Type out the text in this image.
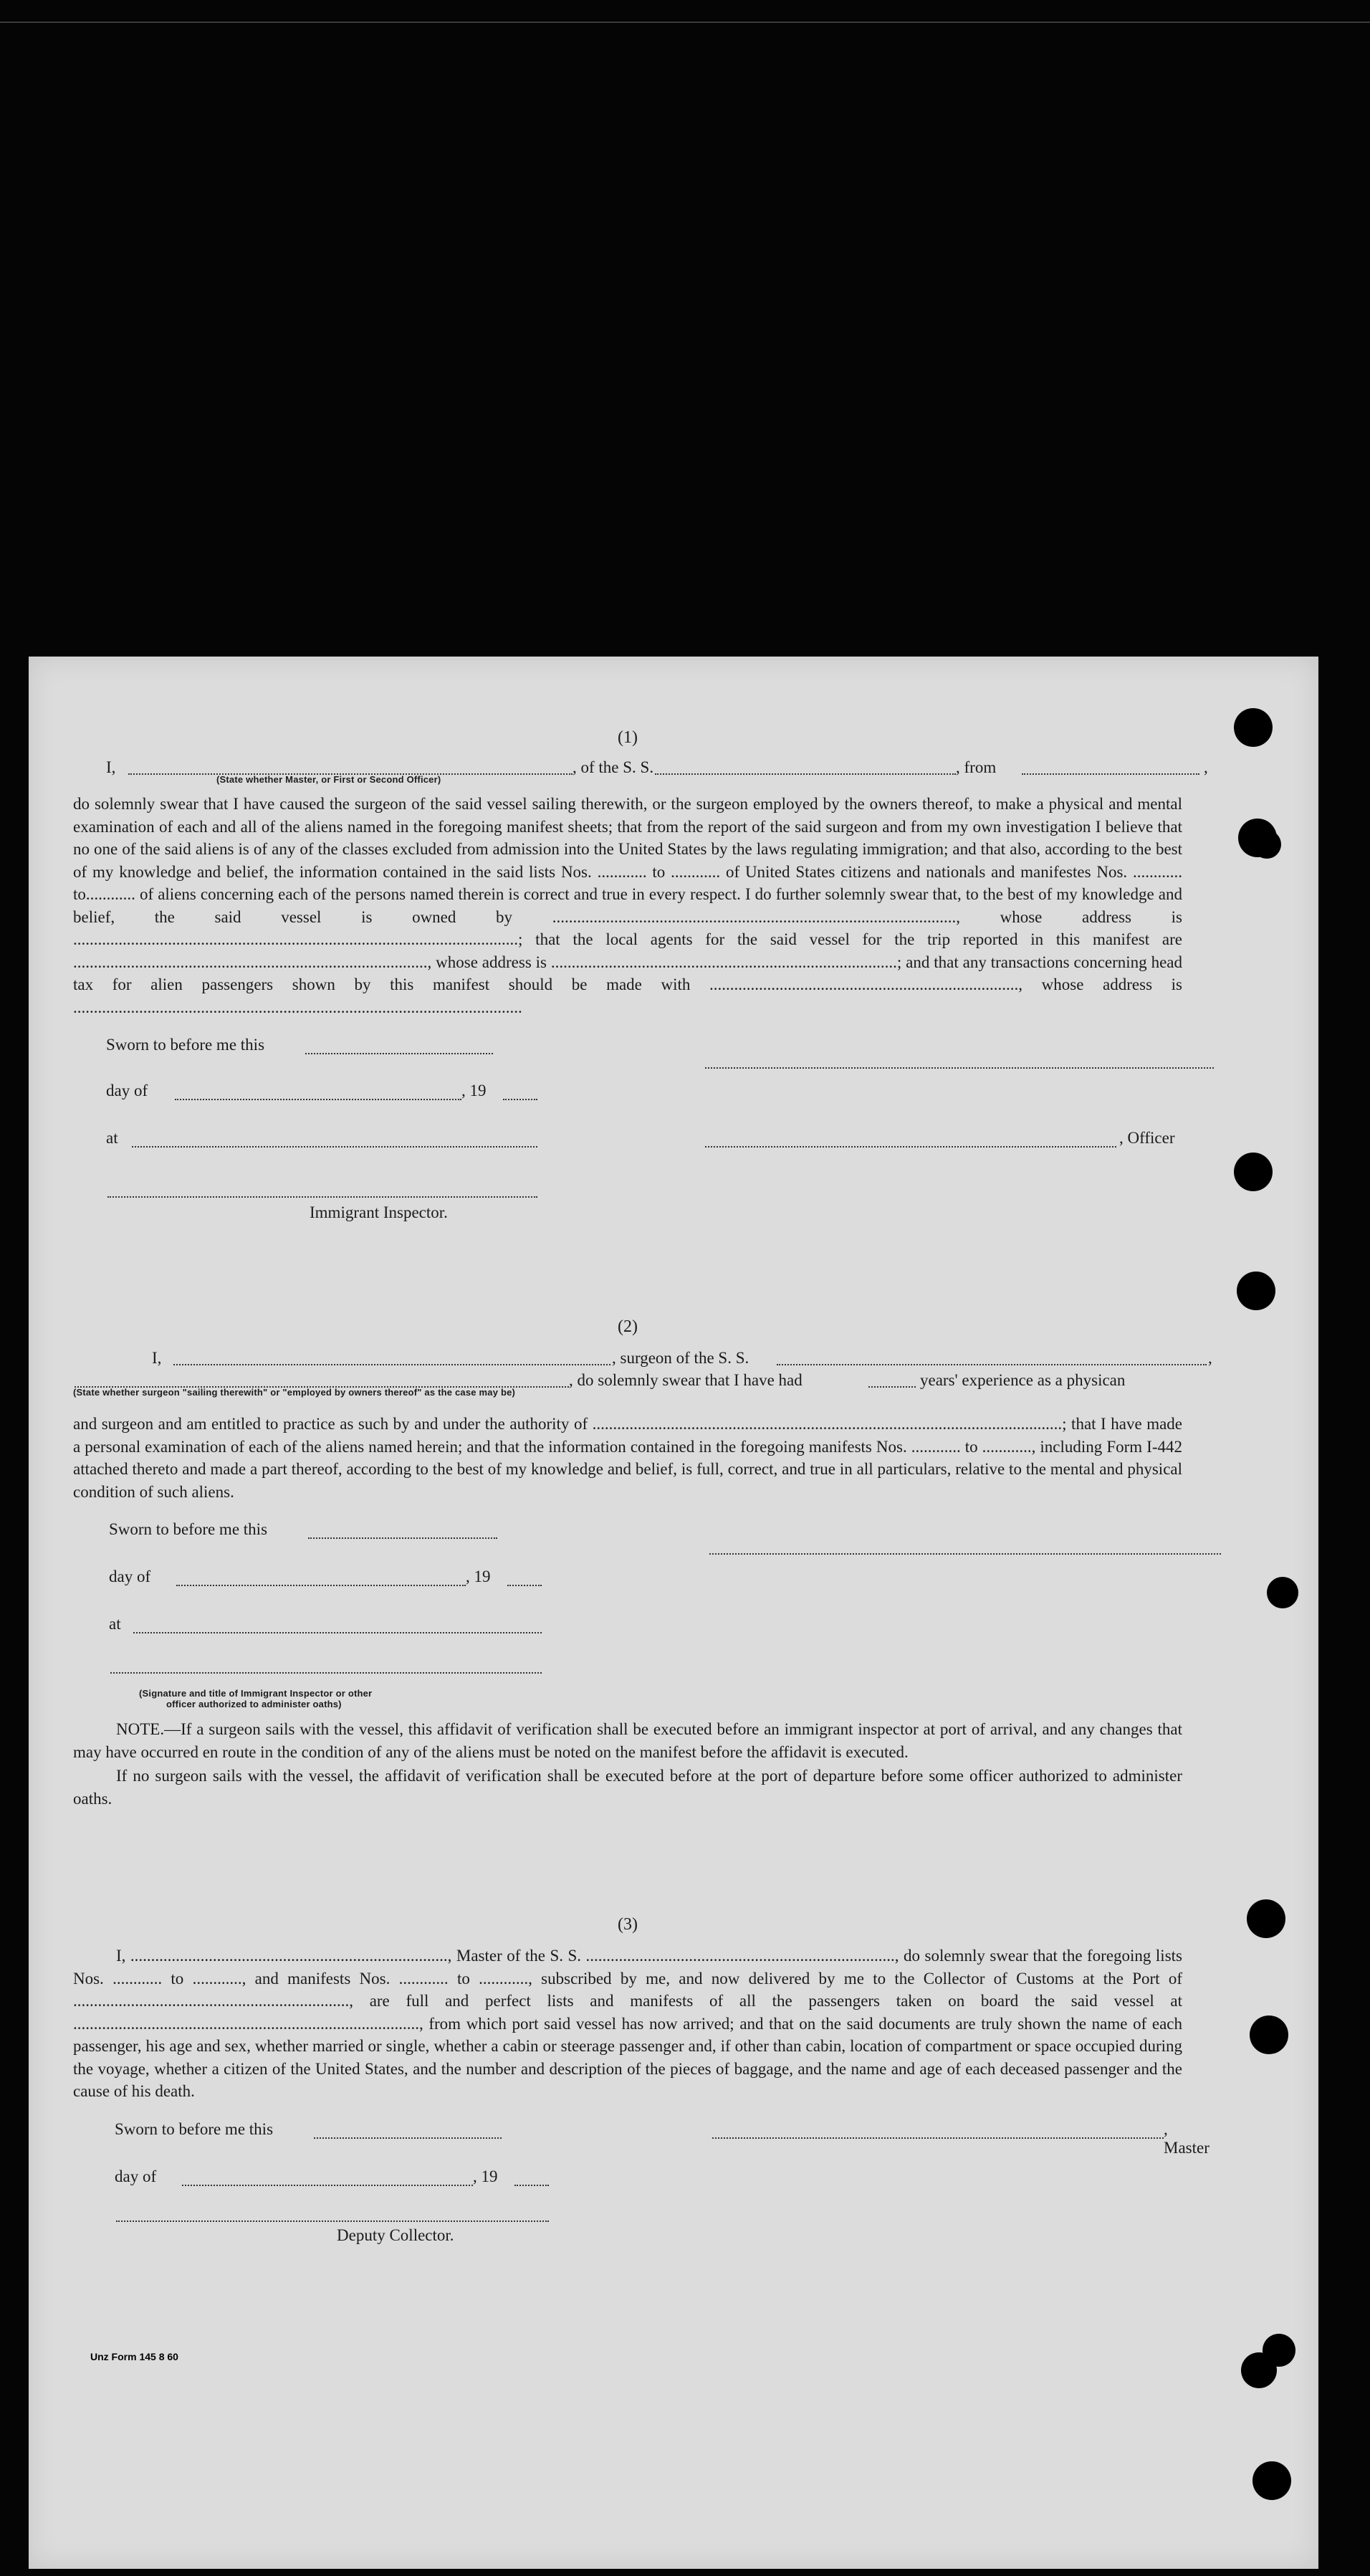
(1)

I,	, of the S. S.	, from	,
(State whether Master, or First or Second Officer)

do solemnly swear that I have caused the surgeon of the said vessel sailing therewith, or the surgeon employed by the owners thereof, to make a physical and mental examination of each and all of the aliens named in the foregoing manifest sheets; that from the report of the said surgeon and from my own investigation I believe that no one of the said aliens is of any of the classes excluded from admission into the United States by the laws regulating immigration; and that also, according to the best of my knowledge and belief, the information contained in the said lists Nos. ............ to ............ of United States citizens and nationals and manifestes Nos. ............ to............ of aliens concerning each of the persons named therein is correct and true in every respect. I do further solemnly swear that, to the best of my knowledge and belief, the said vessel is owned by .................................................................................................., whose address is ............................................................................................................; that the local agents for the said vessel for the trip reported in this manifest are ......................................................................................, whose address is ....................................................................................; and that any transactions concerning head tax for alien passengers shown by this manifest should be made with ..........................................................................., whose address is .............................................................................................................

Sworn to before me this
day of	, 19
at	, Officer
Immigrant Inspector.

(2)

I,	, surgeon of the S. S.	,
, do solemnly swear that I have had	years' experience as a physican
(State whether surgeon "sailing therewith" or "employed by owners thereof" as the case may be)

and surgeon and am entitled to practice as such by and under the authority of ..................................................................................................................; that I have made a personal examination of each of the aliens named herein; and that the information contained in the foregoing manifests Nos. ............ to ............, including Form I-442 attached thereto and made a part thereof, according to the best of my knowledge and belief, is full, correct, and true in all particulars, relative to the mental and physical condition of such aliens.

Sworn to before me this
day of	, 19
at
(Signature and title of Immigrant Inspector or other
officer authorized to administer oaths)

NOTE.—If a surgeon sails with the vessel, this affidavit of verification shall be executed before an immigrant inspector at port of arrival, and any changes that may have occurred en route in the condition of any of the aliens must be noted on the manifest before the affidavit is executed.

If no surgeon sails with the vessel, the affidavit of verification shall be executed before at the port of departure before some officer authorized to administer oaths.

(3)

I, ............................................................................., Master of the S. S. ..........................................................................., do solemnly swear that the foregoing lists Nos. ............ to ............, and manifests Nos. ............ to ............, subscribed by me, and now delivered by me to the Collector of Customs at the Port of ..................................................................., are full and perfect lists and manifests of all the passengers taken on board the said vessel at ...................................................................................., from which port said vessel has now arrived; and that on the said documents are truly shown the name of each passenger, his age and sex, whether married or single, whether a cabin or steerage passenger and, if other than cabin, location of compartment or space occupied during the voyage, whether a citizen of the United States, and the number and description of the pieces of baggage, and the name and age of each deceased passenger and the cause of his death.

Sworn to before me this	, Master
day of	, 19
Deputy Collector.
Unz Form 145 8 60
